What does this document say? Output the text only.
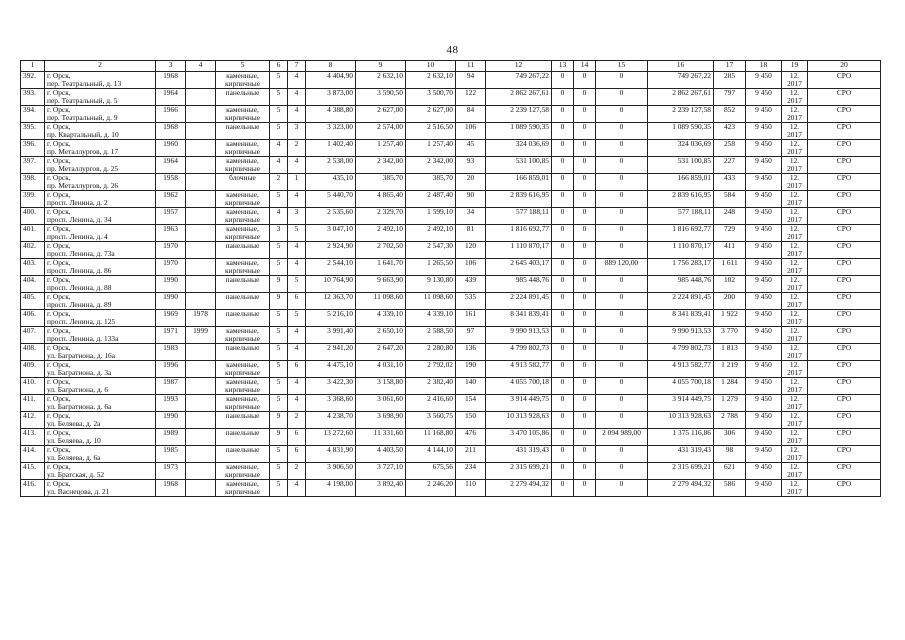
48
1	2	3	4	5	6	7	8	9	10	11	12	13	14	15	16	17	18	19	20

392.	г. Орск,
пер. Театральный, д. 13	1968		каменные,
кирпичные	5	4	4 404,90	2 632,10	2 632,10	94	749 267,22	0	0	0	749 267,22	285	9 450	12.
2017	СРО

393.	г. Орск,
пер. Театральный, д. 5	1964		панельные	5	4	3 873,00	3 590,50	3 500,70	122	2 862 267,61	0	0	0	2 862 267,61	797	9 450	12.
2017	СРО

394.	г. Орск,
пер. Театральный, д. 9	1966		каменные,
кирпичные	5	4	4 388,80	2 627,00	2 627,00	84	2 239 127,58	0	0	0	2 239 127,58	852	9 450	12.
2017	СРО

395.	г. Орск,
пр. Квартальный, д. 10	1968		панельные	5	3	3 323,00	2 574,00	2 516,50	106	1 089 590,35	0	0	0	1 089 590,35	423	9 450	12.
2017	СРО

396.	г. Орск,
пр. Металлургов, д. 17	1960		каменные,
кирпичные	4	2	1 402,40	1 257,40	1 257,40	45	324 036,69	0	0	0	324 036,69	258	9 450	12.
2017	СРО

397.	г. Орск,
пр. Металлургов, д. 25	1964		каменные,
кирпичные	4	4	2 538,00	2 342,00	2 342,00	93	531 100,85	0	0	0	531 100,85	227	9 450	12.
2017	СРО

398.	г. Орск,
пр. Металлургов, д. 26	1958		блочные	2	1	435,10	385,70	385,70	20	166 859,01	0	0	0	166 859,01	433	9 450	12.
2017	СРО

399.	г. Орск,
просп. Ленина, д. 2	1962		каменные,
кирпичные	5	4	5 440,70	4 865,40	2 487,40	90	2 839 616,95	0	0	0	2 839 616,95	584	9 450	12.
2017	СРО

400.	г. Орск,
просп. Ленина, д. 34	1957		каменные,
кирпичные	4	3	2 535,60	2 329,70	1 599,10	34	577 188,11	0	0	0	577 188,11	248	9 450	12.
2017	СРО

401.	г. Орск,
просп. Ленина, д. 4	1963		каменные,
кирпичные	3	5	3 047,10	2 492,10	2 492,10	81	1 816 692,77	0	0	0	1 816 692,77	729	9 450	12.
2017	СРО

402.	г. Орск,
просп. Ленина, д. 73а	1970		панельные	5	4	2 924,90	2 702,50	2 547,30	120	1 110 870,17	0	0	0	1 110 870,17	411	9 450	12.
2017	СРО

403.	г. Орск,
просп. Ленина, д. 86	1970		каменные,
кирпичные	5	4	2 544,10	1 641,70	1 265,50	106	2 645 403,17	0	0	889 120,00	1 756 283,17	1 611	9 450	12.
2017	СРО

404.	г. Орск,
просп. Ленина, д. 88	1990		панельные	9	5	10 764,90	9 663,90	9 130,80	439	985 448,76	0	0	0	985 448,76	102	9 450	12.
2017	СРО

405.	г. Орск,
просп. Ленина, д. 89	1990		панельные	9	6	12 363,70	11 098,60	11 098,60	535	2 224 891,45	0	0	0	2 224 891,45	200	9 450	12.
2017	СРО

406.	г. Орск,
просп. Ленина, д. 125	1969	1978	панельные	5	5	5 216,10	4 339,10	4 339,10	161	8 341 839,41	0	0	0	8 341 839,41	1 922	9 450	12.
2017	СРО

407.	г. Орск,
просп. Ленина, д. 133а	1971	1999	каменные,
кирпичные	5	4	3 991,40	2 650,10	2 588,50	97	9 990 913,53	0	0	0	9 990 913,53	3 770	9 450	12.
2017	СРО

408.	г. Орск,
ул. Багратиона, д. 16а	1983		панельные	5	4	2 941,20	2 647,20	2 280,80	136	4 799 802,73	0	0	0	4 799 802,73	1 813	9 450	12.
2017	СРО

409.	г. Орск,
ул. Багратиона, д. 3а	1996		каменные,
кирпичные	5	6	4 475,10	4 031,10	2 792,02	190	4 913 582,77	0	0	0	4 913 582,77	1 219	9 450	12.
2017	СРО

410.	г. Орск,
ул. Багратиона, д. 6	1987		каменные,
кирпичные	5	4	3 422,30	3 158,80	2 382,40	140	4 055 700,18	0	0	0	4 055 700,18	1 284	9 450	12.
2017	СРО

411.	г. Орск,
ул. Багратиона, д. 6а	1993		каменные,
кирпичные	5	4	3 368,60	3 061,60	2 416,60	154	3 914 449,75	0	0	0	3 914 449,75	1 279	9 450	12.
2017	СРО

412.	г. Орск,
ул. Беляева, д. 2а	1990		панельные	9	2	4 238,70	3 698,90	3 560,75	150	10 313 928,63	0	0	0	10 313 928,63	2 788	9 450	12.
2017	СРО

413.	г. Орск,
ул. Беляева, д. 10	1989		панельные	9	6	13 272,60	11 331,60	11 168,80	476	3 470 105,86	0	0	2 094 989,00	1 375 116,86	306	9 450	12.
2017	СРО

414.	г. Орск,
ул. Беляева, д. 6а	1985		панельные	5	6	4 831,90	4 403,50	4 144,10	211	431 319,43	0	0	0	431 319,43	98	9 450	12.
2017	СРО

415.	г. Орск,
ул. Братская, д. 52	1973		каменные,
кирпичные	5	2	3 906,50	3 727,10	675,56	234	2 315 699,21	0	0	0	2 315 699,21	621	9 450	12.
2017	СРО

416.	г. Орск,
ул. Васнецова, д. 21	1968		каменные,
кирпичные	5	4	4 198,00	3 892,40	2 246,20	110	2 279 494,32	0	0	0	2 279 494,32	586	9 450	12.
2017	СРО
